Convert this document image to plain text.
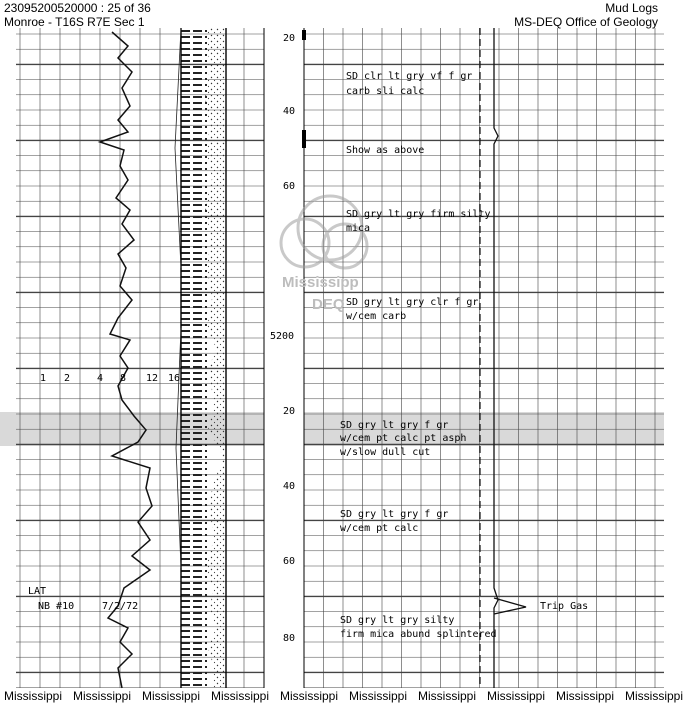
23095200520000 : 25 of 36
Monroe - T16S R7E Sec 1
Mud Logs
MS-DEQ Office of Geology
20
40
60
5200
20
40
60
80
1 2	4 8 12 16
Mississipp
DEQ
LAT
NB #10	7/2/72	Trip Gas
SD clr lt gry vf f gr
carb sli calc
Show as above
SD gry lt gry firm silty
mica
SD gry lt gry clr f gr
w/cem carb
SD gry lt gry f gr
w/cem pt calc pt asph
w/slow dull cut
SD gry lt gry f gr
w/cem pt calc
SD gry lt gry silty
firm mica abund splintered
Mississippi Mississippi Mississippi Mississippi Mississippi Mississippi Mississippi Mississippi Mississippi Mississippi
